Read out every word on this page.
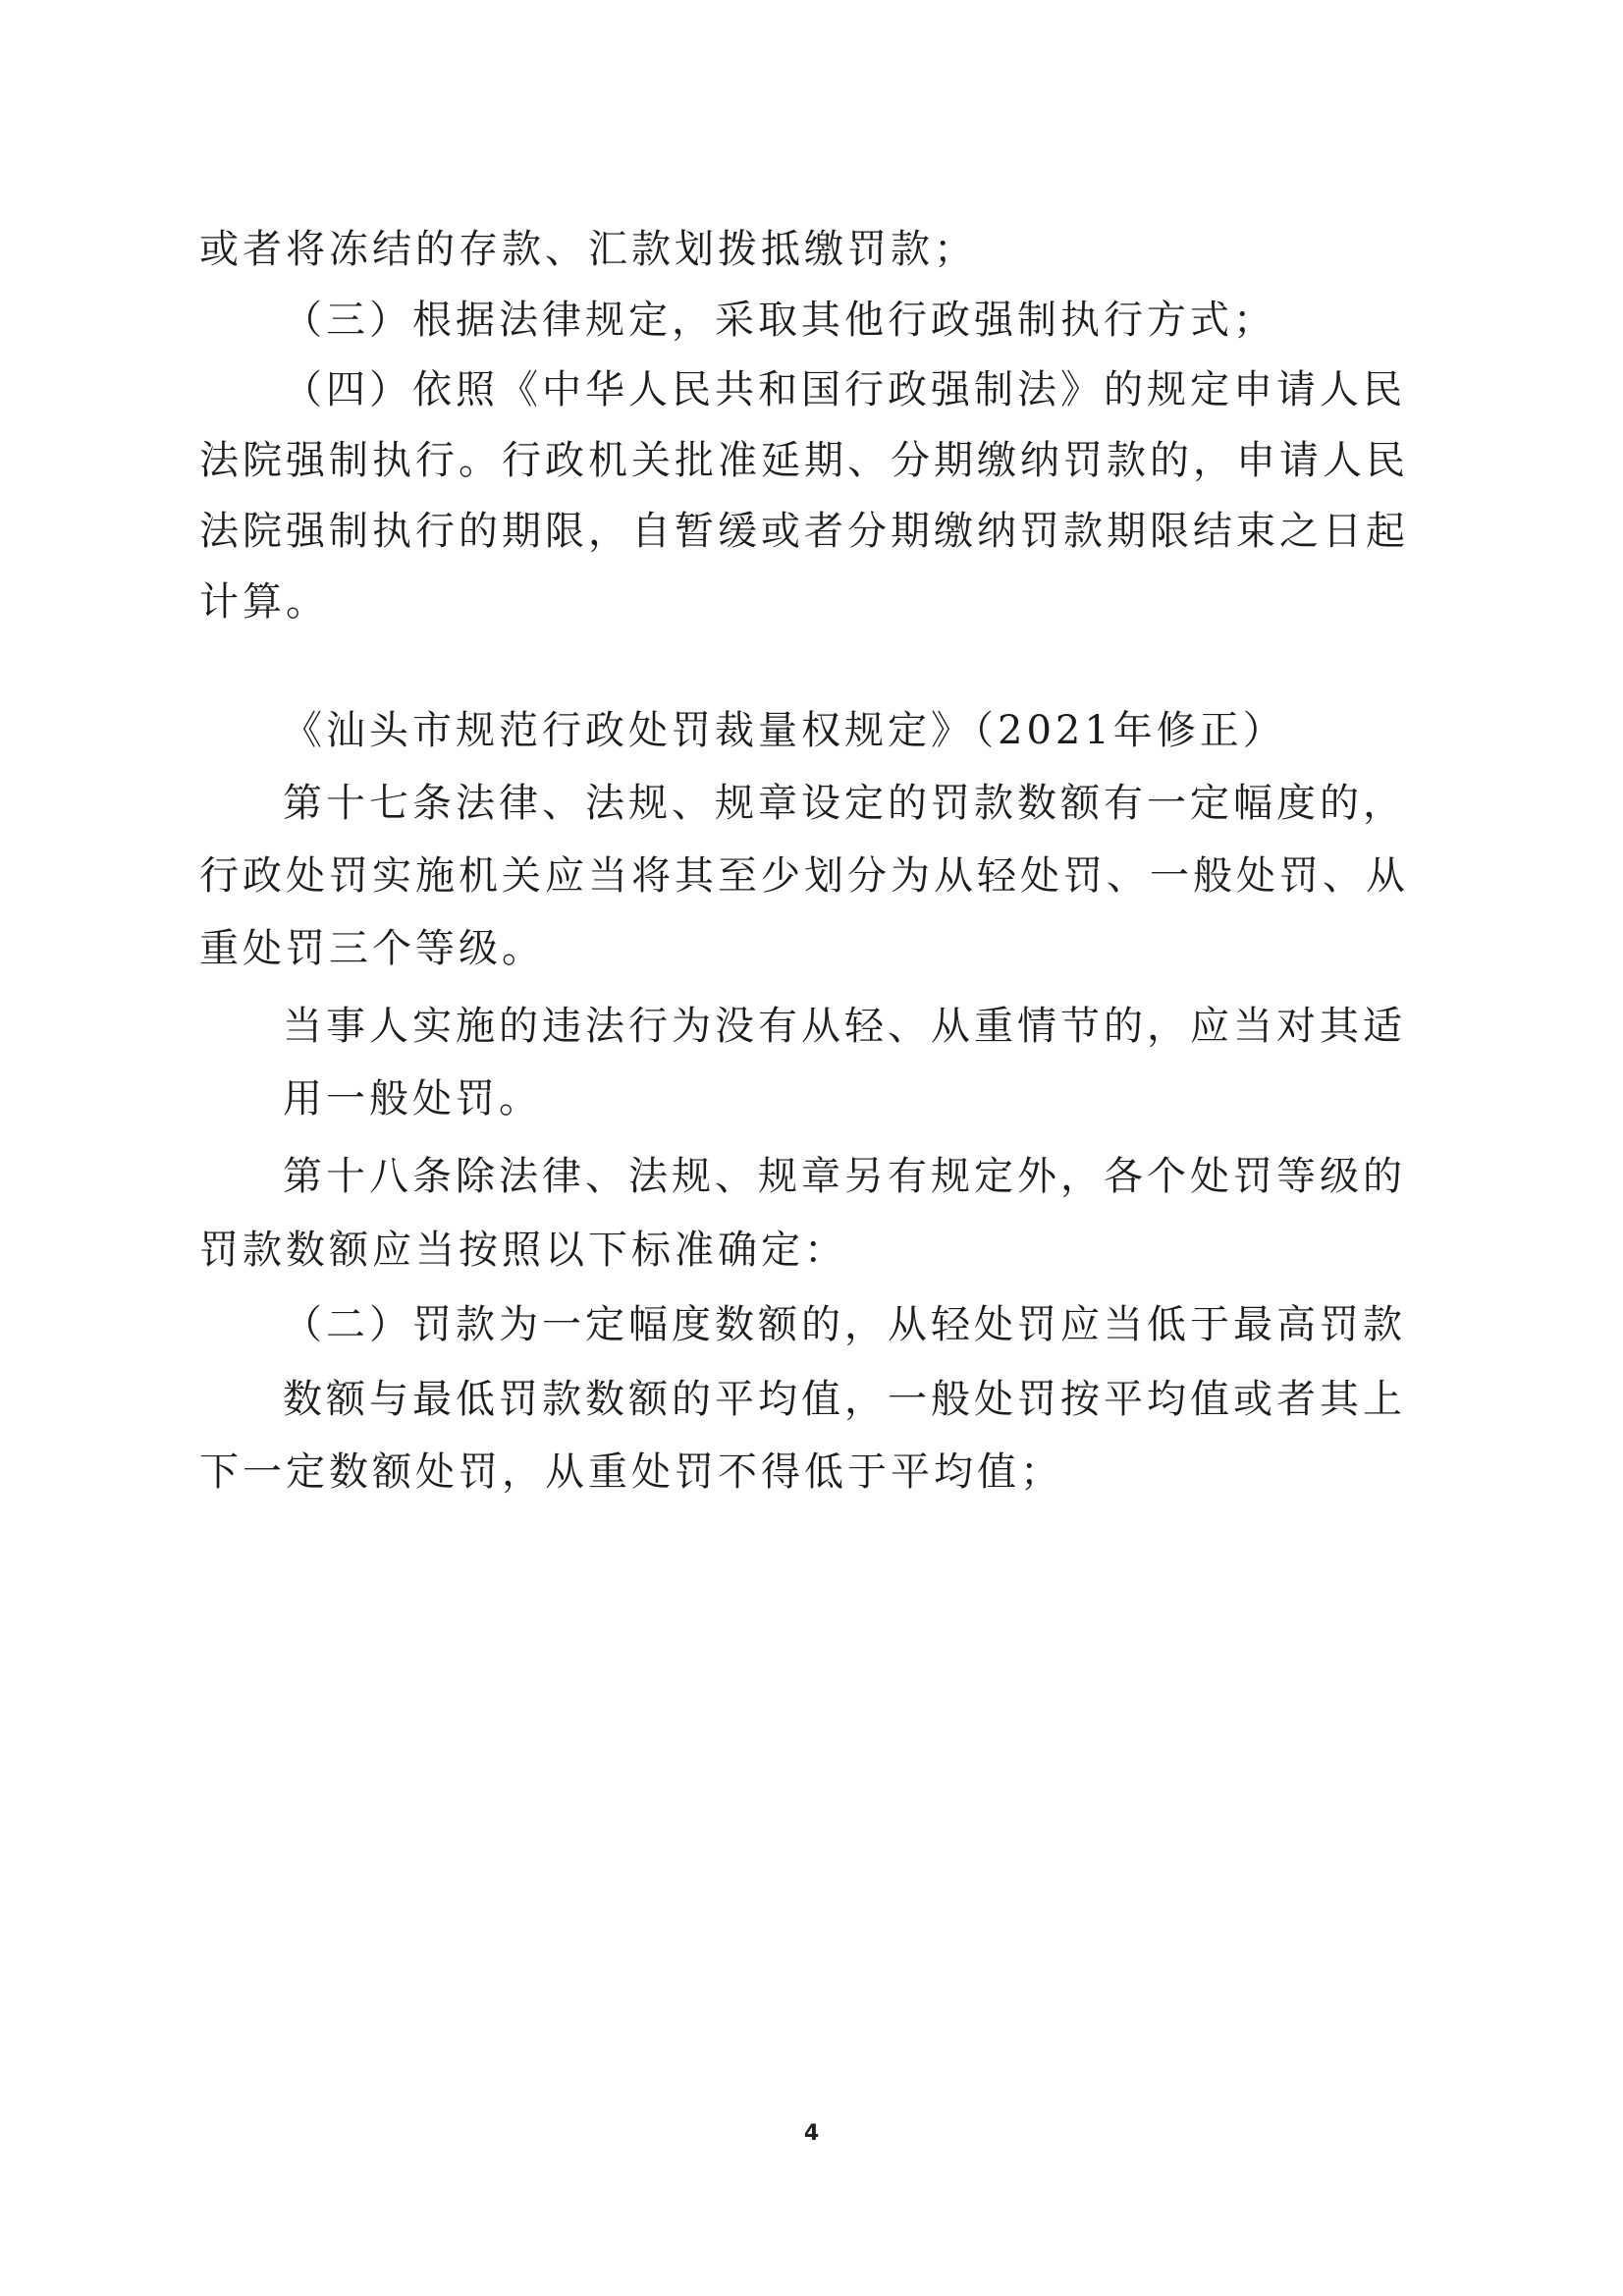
或者将冻结的存款、汇款划拨抵缴罚款；
（三）根据法律规定，采取其他行政强制执行方式；
（四）依照《中华人民共和国行政强制法》的规定申请人民
法院强制执行。行政机关批准延期、分期缴纳罚款的，申请人民
法院强制执行的期限，自暂缓或者分期缴纳罚款期限结束之日起
计算。
《汕头市规范行政处罚裁量权规定》（2021年修正）
第十七条法律、法规、规章设定的罚款数额有一定幅度的，
行政处罚实施机关应当将其至少划分为从轻处罚、一般处罚、从
重处罚三个等级。
当事人实施的违法行为没有从轻、从重情节的，应当对其适
用一般处罚。
第十八条除法律、法规、规章另有规定外，各个处罚等级的
罚款数额应当按照以下标准确定：
（二）罚款为一定幅度数额的，从轻处罚应当低于最高罚款
数额与最低罚款数额的平均值，一般处罚按平均值或者其上
下一定数额处罚，从重处罚不得低于平均值；
4
